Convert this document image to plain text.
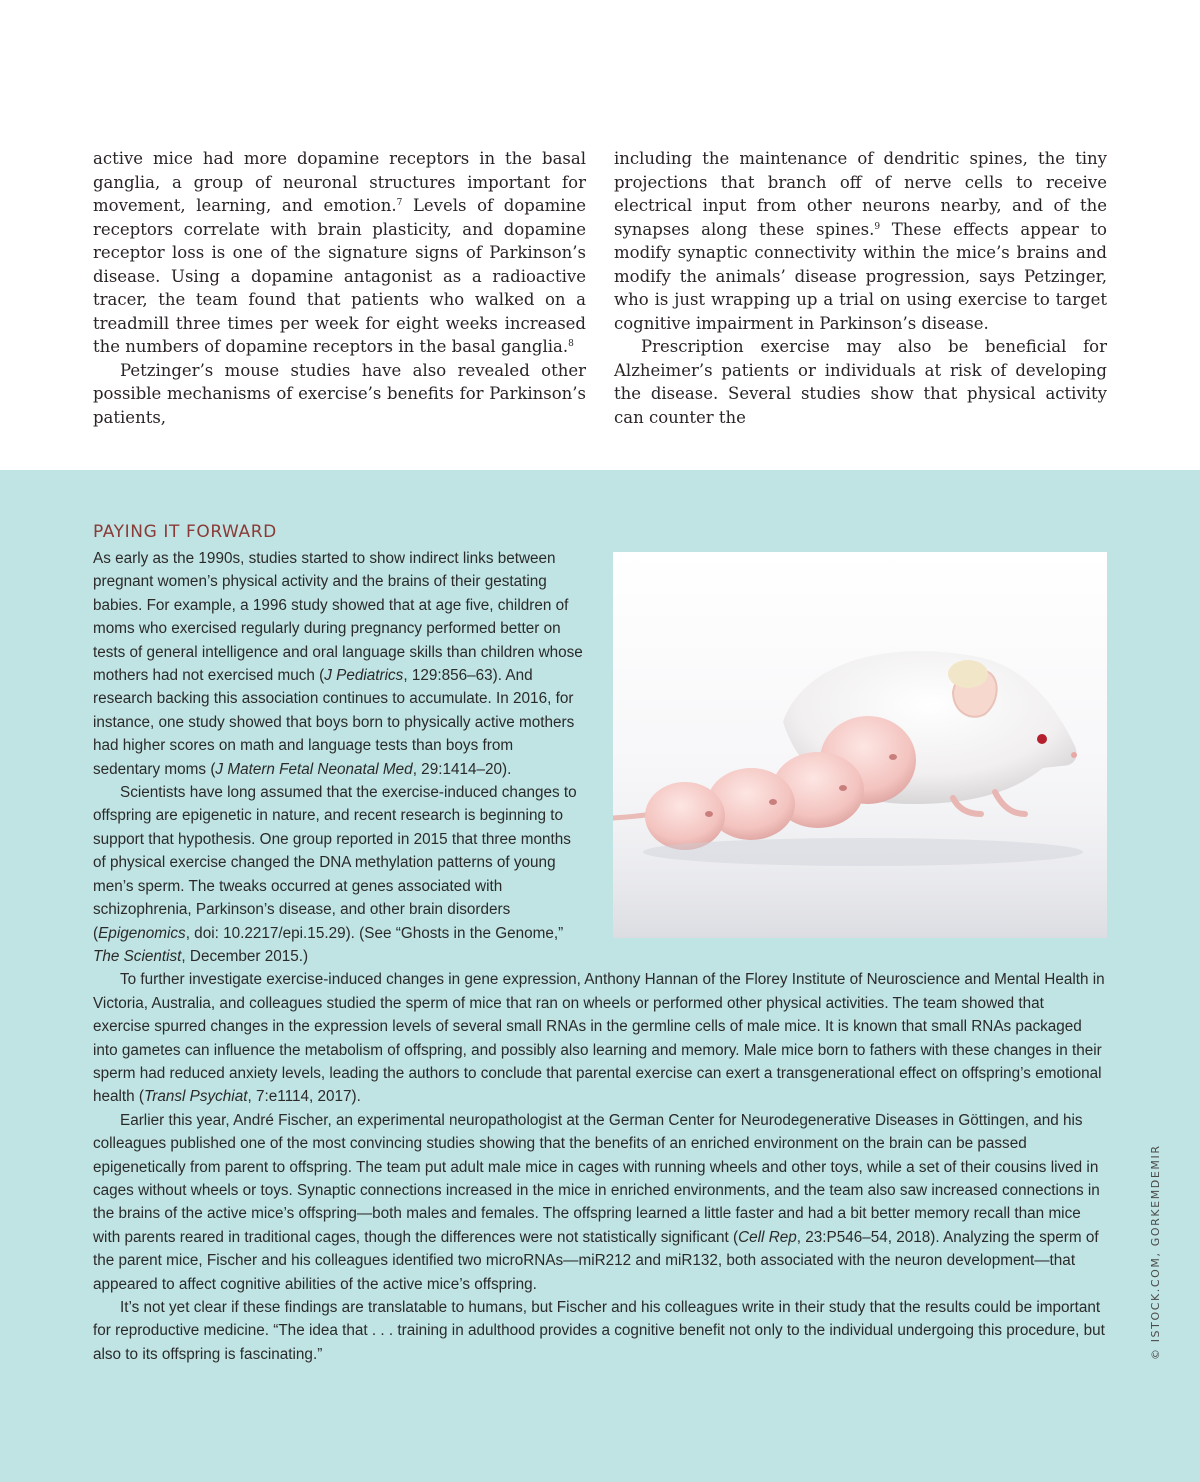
active mice had more dopamine receptors in the basal ganglia, a group of neuronal structures important for movement, learning, and emotion.$^7$ Levels of dopamine receptors correlate with brain plasticity, and dopamine receptor loss is one of the signature signs of Parkinson’s disease. Using a dopamine antagonist as a radioactive tracer, the team found that patients who walked on a treadmill three times per week for eight weeks increased the numbers of dopamine receptors in the basal ganglia.$^8$

Petzinger’s mouse studies have also revealed other possible mechanisms of exercise’s benefits for Parkinson’s patients,

including the maintenance of dendritic spines, the tiny projections that branch off of nerve cells to receive electrical input from other neurons nearby, and of the synapses along these spines.$^9$ These effects appear to modify synaptic connectivity within the mice’s brains and modify the animals’ disease progression, says Petzinger, who is just wrapping up a trial on using exercise to target cognitive impairment in Parkinson’s disease.

Prescription exercise may also be beneficial for Alzheimer’s patients or individuals at risk of developing the disease. Several studies show that physical activity can counter the

PAYING IT FORWARD

As early as the 1990s, studies started to show indirect links between pregnant women’s physical activity and the brains of their gestating babies. For example, a 1996 study showed that at age five, children of moms who exercised regularly during pregnancy performed better on tests of general intelligence and oral language skills than children whose mothers had not exercised much (J Pediatrics, 129:856–63). And research backing this association continues to accumulate. In 2016, for instance, one study showed that boys born to physically active mothers had higher scores on math and language tests than boys from sedentary moms (J Matern Fetal Neonatal Med, 29:1414–20).

Scientists have long assumed that the exercise-induced changes to offspring are epigenetic in nature, and recent research is beginning to support that hypothesis. One group reported in 2015 that three months of physical exercise changed the DNA methylation patterns of young men’s sperm. The tweaks occurred at genes associated with schizophrenia, Parkinson’s disease, and other brain disorders (Epigenomics, doi: 10.2217/epi.15.29). (See “Ghosts in the Genome,” The Scientist, December 2015.)

To further investigate exercise-induced changes in gene expression, Anthony Hannan of the Florey Institute of Neuroscience and Mental Health in Victoria, Australia, and colleagues studied the sperm of mice that ran on wheels or performed other physical activities. The team showed that exercise spurred changes in the expression levels of several small RNAs in the germline cells of male mice. It is known that small RNAs packaged into gametes can influence the metabolism of offspring, and possibly also learning and memory. Male mice born to fathers with these changes in their sperm had reduced anxiety levels, leading the authors to conclude that parental exercise can exert a transgenerational effect on offspring’s emotional health (Transl Psychiat, 7:e1114, 2017).

Earlier this year, André Fischer, an experimental neuropathologist at the German Center for Neurodegenerative Diseases in Göttingen, and his colleagues published one of the most convincing studies showing that the benefits of an enriched environment on the brain can be passed epigenetically from parent to offspring. The team put adult male mice in cages with running wheels and other toys, while a set of their cousins lived in cages without wheels or toys. Synaptic connections increased in the mice in enriched environments, and the team also saw increased connections in the brains of the active mice’s offspring—both males and females. The offspring learned a little faster and had a bit better memory recall than mice with parents reared in traditional cages, though the differences were not statistically significant (Cell Rep, 23:P546–54, 2018). Analyzing the sperm of the parent mice, Fischer and his colleagues identified two microRNAs—miR212 and miR132, both associated with the neuron development—that appeared to affect cognitive abilities of the active mice’s offspring.

It’s not yet clear if these findings are translatable to humans, but Fischer and his colleagues write in their study that the results could be important for reproductive medicine. “The idea that . . . training in adulthood provides a cognitive benefit not only to the individual undergoing this procedure, but also to its offspring is fascinating.”	© ISTOCK.COM, GORKEMDEMIR
